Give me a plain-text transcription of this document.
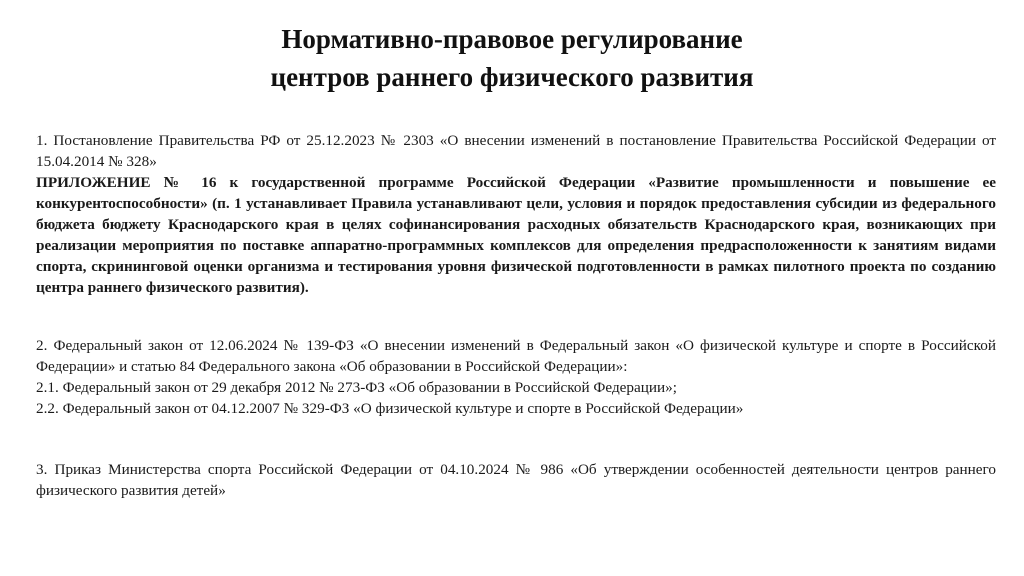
Нормативно-правовое регулирование
центров раннего физического развития

1. Постановление Правительства РФ от 25.12.2023 № 2303 «О внесении изменений в постановление Правительства Российской Федерации от 15.04.2014 № 328»

ПРИЛОЖЕНИЕ № 16 к государственной программе Российской Федерации «Развитие промышленности и повышение ее конкурентоспособности» (п. 1 устанавливает Правила устанавливают цели, условия и порядок предоставления субсидии из федерального бюджета бюджету Краснодарского края в целях софинансирования расходных обязательств Краснодарского края, возникающих при реализации мероприятия по поставке аппаратно-программных комплексов для определения предрасположенности к занятиям видами спорта, скрининговой оценки организма и тестирования уровня физической подготовленности в рамках пилотного проекта по созданию центра раннего физического развития).

2. Федеральный закон от 12.06.2024 № 139-ФЗ «О внесении изменений в Федеральный закон «О физической культуре и спорте в Российской Федерации» и статью 84 Федерального закона «Об образовании в Российской Федерации»:

2.1. Федеральный закон от 29 декабря 2012 № 273-ФЗ «Об образовании в Российской Федерации»;

2.2. Федеральный закон от 04.12.2007 № 329-ФЗ «О физической культуре и спорте в Российской Федерации»

3. Приказ Министерства спорта Российской Федерации от 04.10.2024 № 986 «Об утверждении особенностей деятельности центров раннего физического развития детей»
